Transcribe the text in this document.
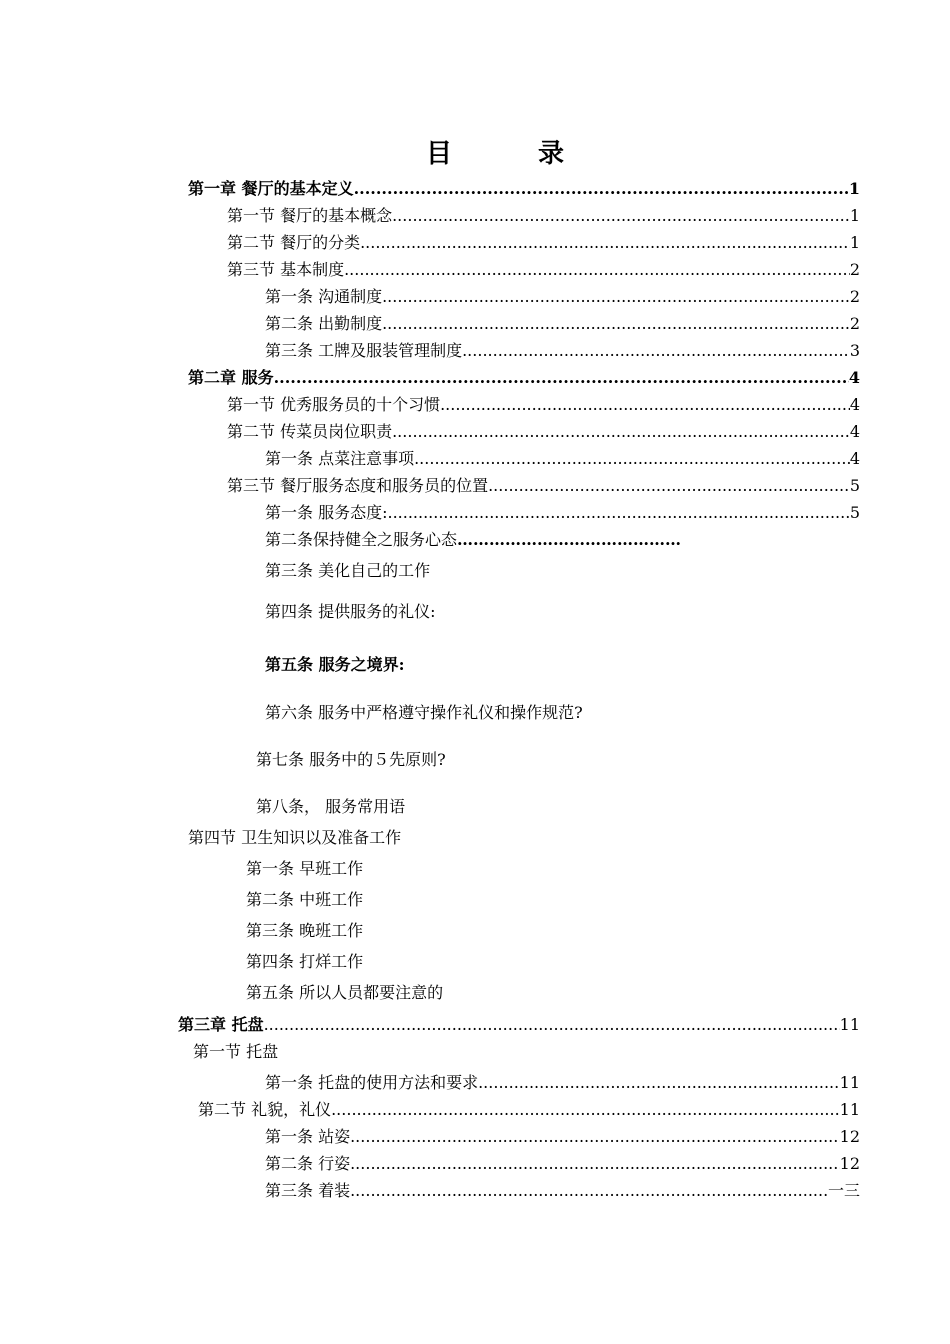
目　录
第一章 餐厅的基本定义 .....	1
第一节 餐厅的基本概念 .....	1
第二节 餐厅的分类 .....	1
第三节 基本制度 .....	2
第一条 沟通制度 .....	2
第二条 出勤制度 .....	2
第三条 工牌及服装管理制度 .....	3
第二章 服务 .....	4
第一节 优秀服务员的十个习惯 .....	4
第二节 传菜员岗位职责 .....	4
第一条 点菜注意事项 .....	4
第三节 餐厅服务态度和服务员的位置 .....	5
第一条 服务态度: .....	5
第二条保持健全之服务心态……………………………………
第三条 美化自己的工作
第四条 提供服务的礼仪:
第五条 服务之境界:
第六条 服务中严格遵守操作礼仪和操作规范?
第七条 服务中的５先原则?
第八条， 服务常用语
第四节 卫生知识以及准备工作
第一条 早班工作
第二条 中班工作
第三条 晚班工作
第四条 打烊工作
第五条 所以人员都要注意的
第三章 托盘 .....	11
第一节 托盘
第一条 托盘的使用方法和要求 .....	11
第二节 礼貌，礼仪 .....	11
第一条 站姿 .....	12
第二条 行姿 .....	12
第三条 着装 .....	一三
